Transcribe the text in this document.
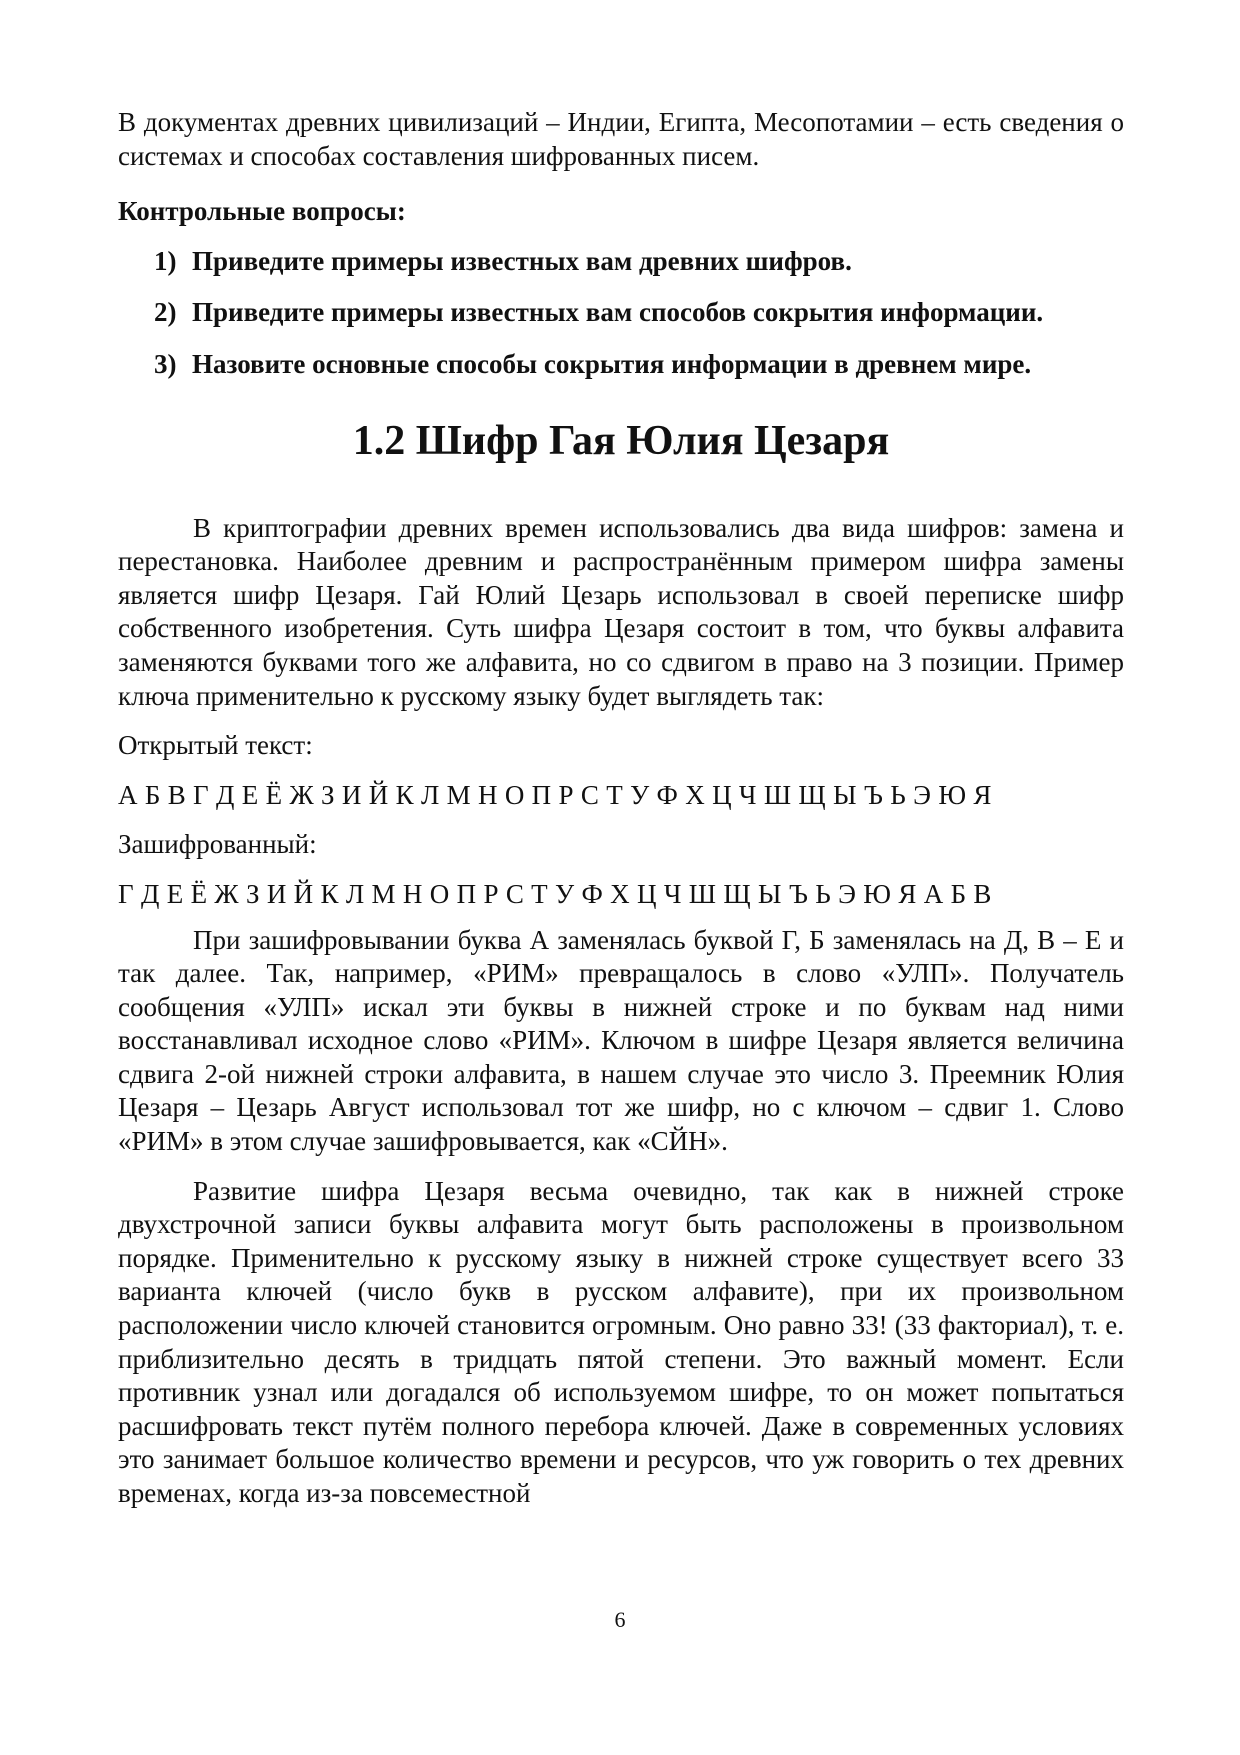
В документах древних цивилизаций – Индии, Египта, Месопотамии – есть сведения о системах и способах составления шифрованных писем.

Контрольные вопросы:

1) Приведите примеры известных вам древних шифров.
2) Приведите примеры известных вам способов сокрытия информации.
3) Назовите основные способы сокрытия информации в древнем мире.
1.2 Шифр Гая Юлия Цезаря

В криптографии древних времен использовались два вида шифров: замена и перестановка. Наиболее древним и распространённым примером шифра замены является шифр Цезаря. Гай Юлий Цезарь использовал в своей переписке шифр собственного изобретения. Суть шифра Цезаря состоит в том, что буквы алфавита заменяются буквами того же алфавита, но со сдвигом в право на 3 позиции. Пример ключа применительно к русскому языку будет выглядеть так:

Открытый текст:

А Б В Г Д Е Ё Ж З И Й К Л М Н О П Р С Т У Ф Х Ц Ч Ш Щ Ы Ъ Ь Э Ю Я

Зашифрованный:

Г Д Е Ё Ж З И Й К Л М Н О П Р С Т У Ф Х Ц Ч Ш Щ Ы Ъ Ь Э Ю Я А Б В

При зашифровывании буква А заменялась буквой Г, Б заменялась на Д, В – Е и так далее. Так, например, «РИМ» превращалось в слово «УЛП». Получатель сообщения «УЛП» искал эти буквы в нижней строке и по буквам над ними восстанавливал исходное слово «РИМ». Ключом в шифре Цезаря является величина сдвига 2-ой нижней строки алфавита, в нашем случае это число 3. Преемник Юлия Цезаря – Цезарь Август использовал тот же шифр, но с ключом – сдвиг 1. Слово «РИМ» в этом случае зашифровывается, как «СЙН».

Развитие шифра Цезаря весьма очевидно, так как в нижней строке двухстрочной записи буквы алфавита могут быть расположены в произвольном порядке. Применительно к русскому языку в нижней строке существует всего 33 варианта ключей (число букв в русском алфавите), при их произвольном расположении число ключей становится огромным. Оно равно 33! (33 факториал), т. е. приблизительно десять в тридцать пятой степени. Это важный момент. Если противник узнал или догадался об используемом шифре, то он может попытаться расшифровать текст путём полного перебора ключей. Даже в современных условиях это занимает большое количество времени и ресурсов, что уж говорить о тех древних временах, когда из-за повсеместной

6
